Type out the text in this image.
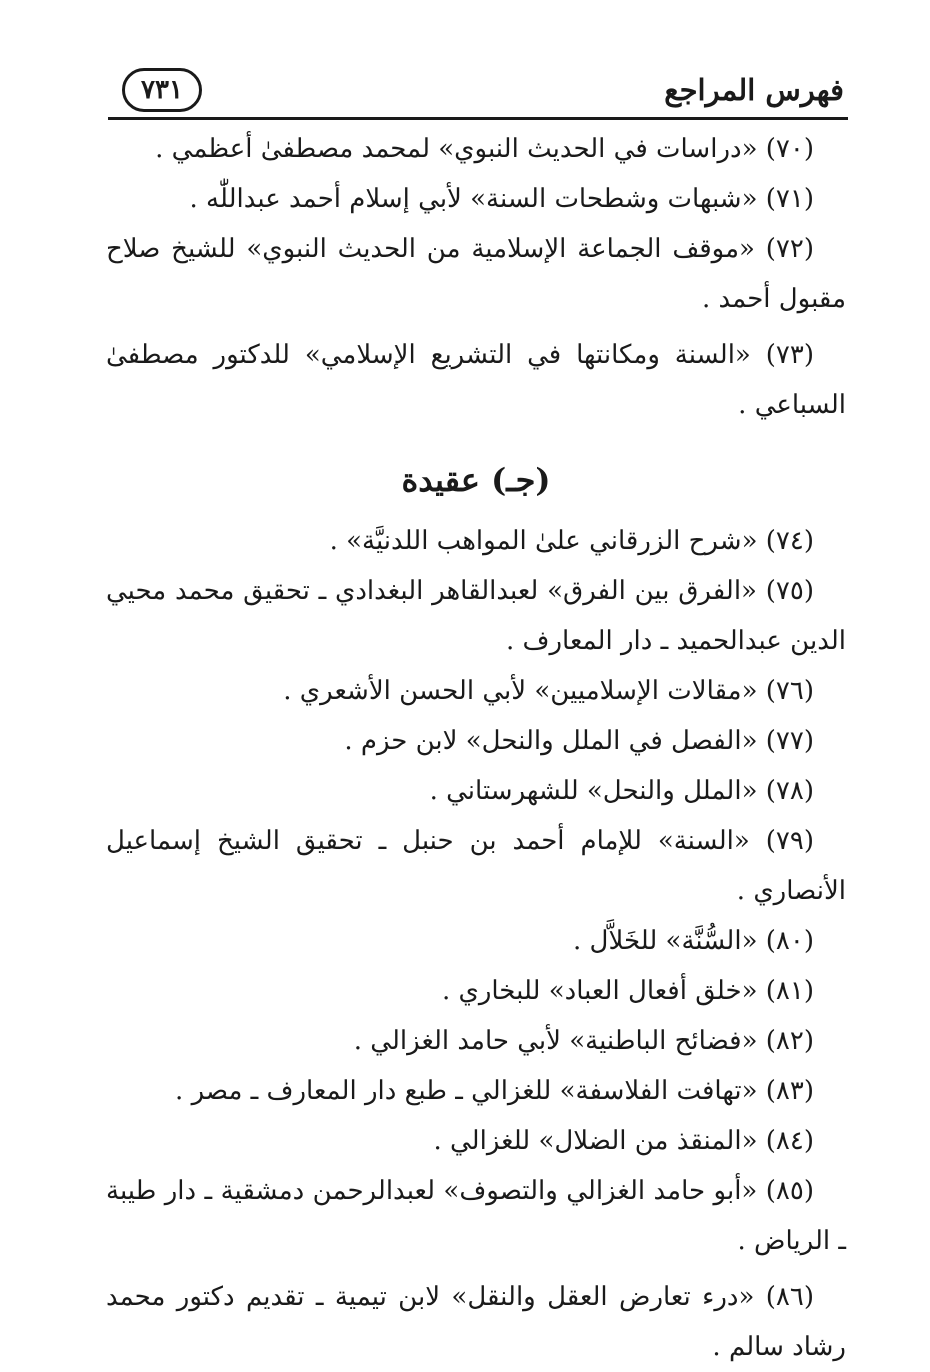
فهرس المراجع
٧٣١

(٧٠) «دراسات في الحديث النبوي» لمحمد مصطفىٰ أعظمي .

(٧١) «شبهات وشطحات السنة» لأبي إسلام أحمد عبداللّٰه .

(٧٢) «موقف الجماعة الإسلامية من الحديث النبوي» للشيخ صلاح مقبول أحمد .

(٧٣) «السنة ومكانتها في التشريع الإسلامي» للدكتور مصطفىٰ السباعي .

(جـ) عقيدة

(٧٤) «شرح الزرقاني علىٰ المواهب اللدنيَّة» .

(٧٥) «الفرق بين الفرق» لعبدالقاهر البغدادي ـ تحقيق محمد محيي الدين عبدالحميد ـ دار المعارف .

(٧٦) «مقالات الإسلاميين» لأبي الحسن الأشعري .

(٧٧) «الفصل في الملل والنحل» لابن حزم .

(٧٨) «الملل والنحل» للشهرستاني .

(٧٩) «السنة» للإمام أحمد بن حنبل ـ تحقيق الشيخ إسماعيل الأنصاري .

(٨٠) «السُّنَّة» للخَلاَّل .

(٨١) «خلق أفعال العباد» للبخاري .

(٨٢) «فضائح الباطنية» لأبي حامد الغزالي .

(٨٣) «تهافت الفلاسفة» للغزالي ـ طبع دار المعارف ـ مصر .

(٨٤) «المنقذ من الضلال» للغزالي .

(٨٥) «أبو حامد الغزالي والتصوف» لعبدالرحمن دمشقية ـ دار طيبة ـ الرياض .

(٨٦) «درء تعارض العقل والنقل» لابن تيمية ـ تقديم دكتور محمد رشاد سالم .
